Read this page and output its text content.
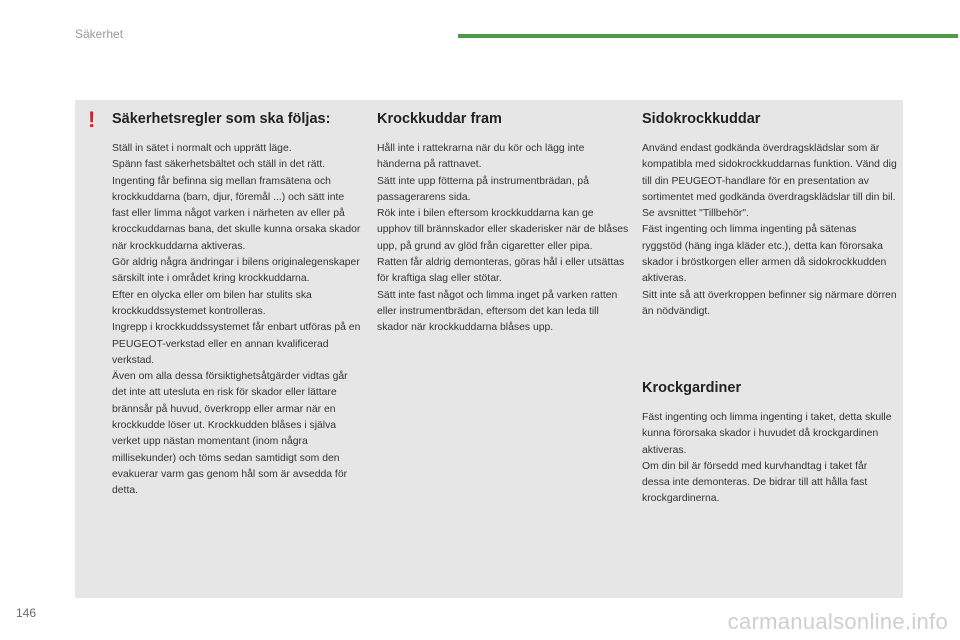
Säkerhet
! Säkerhetsregler som ska följas:

Ställ in sätet i normalt och upprätt läge.

Spänn fast säkerhetsbältet och ställ in det rätt.

Ingenting får befinna sig mellan framsätena och krockkuddarna (barn, djur, föremål ...) och sätt inte fast eller limma något varken i närheten av eller på krocckuddarnas bana, det skulle kunna orsaka skador när krockkuddarna aktiveras.

Gör aldrig några ändringar i bilens originalegenskaper särskilt inte i området kring krockkuddarna.

Efter en olycka eller om bilen har stulits ska krockkuddssystemet kontrolleras.

Ingrepp i krockkuddssystemet får enbart utföras på en PEUGEOT-verkstad eller en annan kvalificerad verkstad.

Även om alla dessa försiktighetsåtgärder vidtas går det inte att utesluta en risk för skador eller lättare brännsår på huvud, överkropp eller armar när en krockkudde löser ut. Krockkudden blåses i själva verket upp nästan momentant (inom några millisekunder) och töms sedan samtidigt som den evakuerar varm gas genom hål som är avsedda för detta.

Krockkuddar fram

Håll inte i rattekrarna när du kör och lägg inte händerna på rattnavet.

Sätt inte upp fötterna på instrumentbrädan, på passagerarens sida.

Rök inte i bilen eftersom krockkuddarna kan ge upphov till brännskador eller skaderisker när de blåses upp, på grund av glöd från cigaretter eller pipa.

Ratten får aldrig demonteras, göras hål i eller utsättas för kraftiga slag eller stötar.

Sätt inte fast något och limma inget på varken ratten eller instrumentbrädan, eftersom det kan leda till skador när krockkuddarna blåses upp.

Sidokrockkuddar

Använd endast godkända överdragsklädslar som är kompatibla med sidokrockkuddarnas funktion. Vänd dig till din PEUGEOT-handlare för en presentation av sortimentet med godkända överdragsklädslar till din bil.

Se avsnittet "Tillbehör".

Fäst ingenting och limma ingenting på sätenas ryggstöd (häng inga kläder etc.), detta kan förorsaka skador i bröstkorgen eller armen då sidokrockkudden aktiveras.

Sitt inte så att överkroppen befinner sig närmare dörren än nödvändigt.

Krockgardiner

Fäst ingenting och limma ingenting i taket, detta skulle kunna förorsaka skador i huvudet då krockgardinen aktiveras.

Om din bil är försedd med kurvhandtag i taket får dessa inte demonteras. De bidrar till att hålla fast krockgardinerna.

146	carmanualsonline.info
